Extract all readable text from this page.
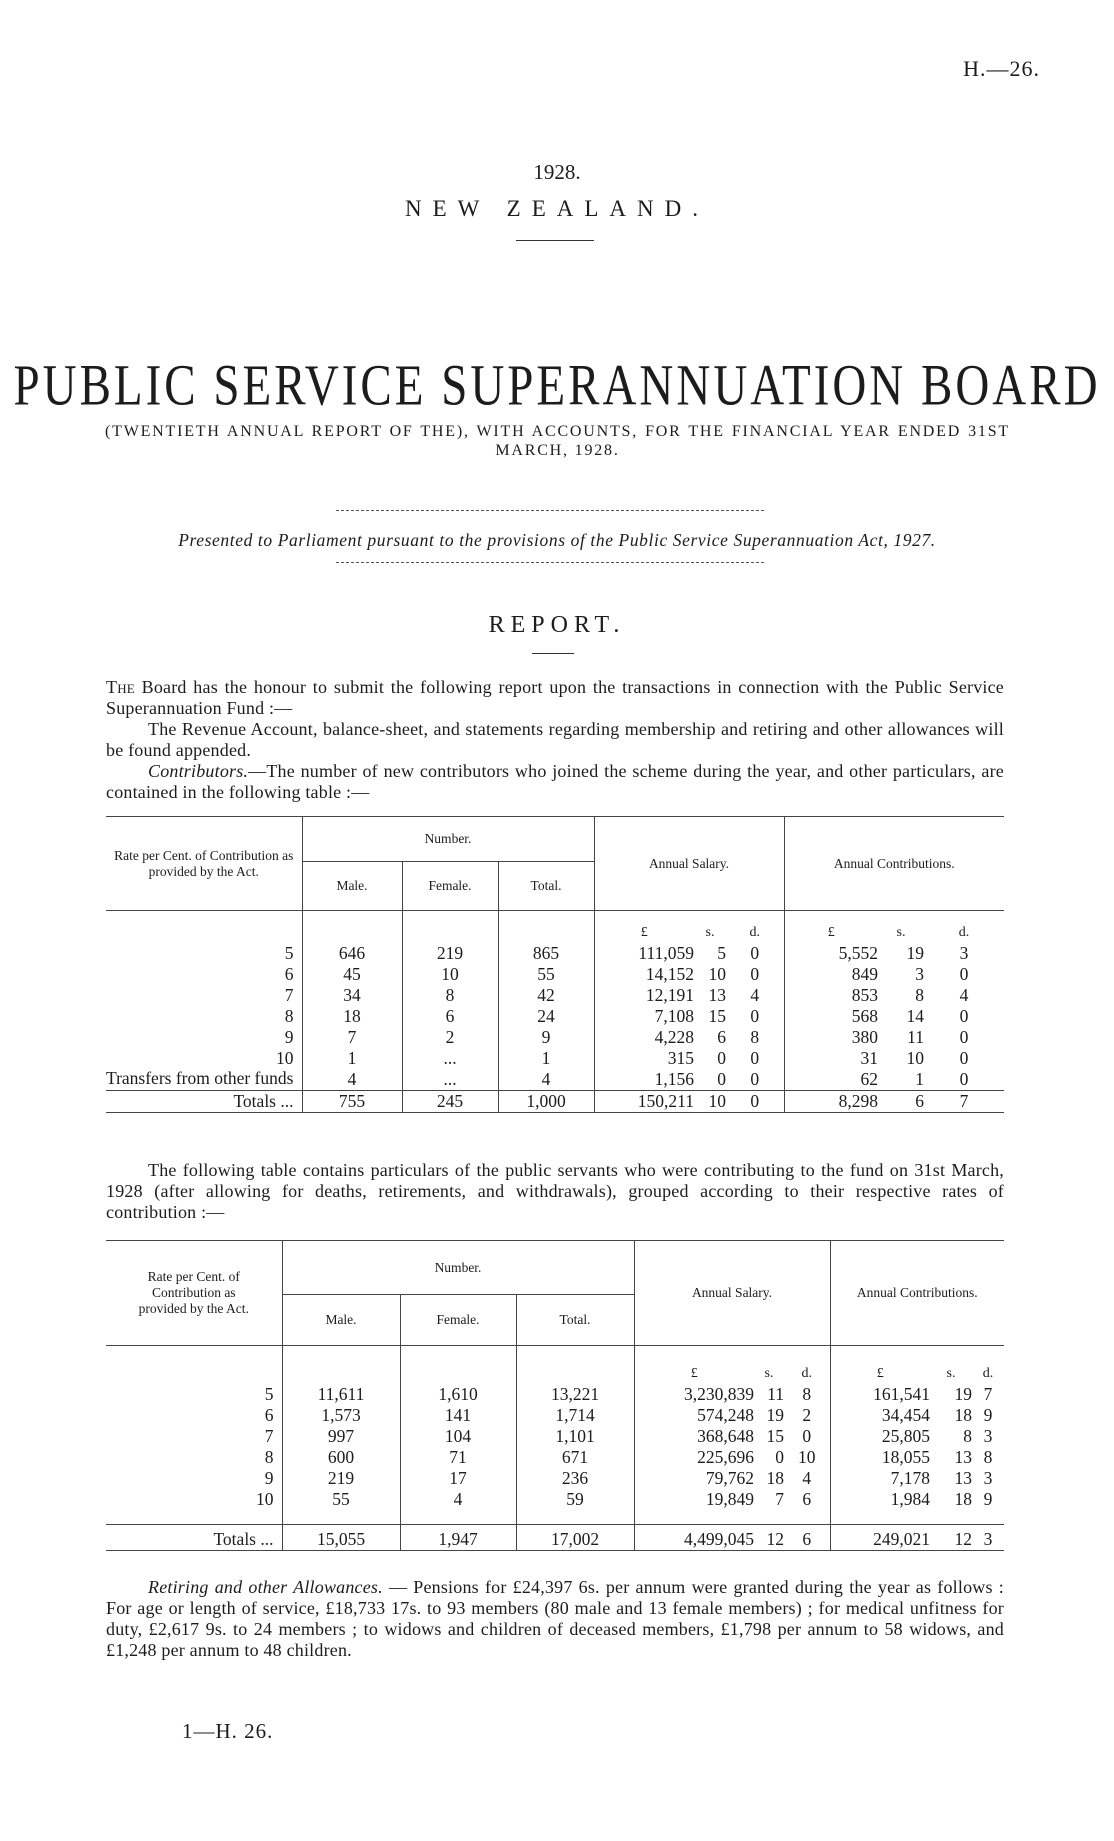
H.—26.
1928.
NEW ZEALAND.
PUBLIC SERVICE SUPERANNUATION BOARD
(TWENTIETH ANNUAL REPORT OF THE), WITH ACCOUNTS, FOR THE FINANCIAL YEAR ENDED 31ST MARCH, 1928.
Presented to Parliament pursuant to the provisions of the Public Service Superannuation Act, 1927.
REPORT.
The Board has the honour to submit the following report upon the transactions in connection with the Public Service Superannuation Fund :—
The Revenue Account, balance-sheet, and statements regarding membership and retiring and other allowances will be found appended.
Contributors.—The number of new contributors who joined the scheme during the year, and other particulars, are contained in the following table :—
Rate per Cent. of Contribution as provided by the Act.	Number.			Annual Salary.			Annual Contributions.		
	Male.	Female.	Total.						
				£	s.	d.	£	s.	d.
5	646	219	865	111,059	5	0	5,552	19	3
6	45	10	55	14,152	10	0	849	3	0
7	34	8	42	12,191	13	4	853	8	4
8	18	6	24	7,108	15	0	568	14	0
9	7	2	9	4,228	6	8	380	11	0
10	1	...	1	315	0	0	31	10	0
Transfers from other funds	4	...	4	1,156	0	0	62	1	0
Totals ...	755	245	1,000	150,211	10	0	8,298	6	7
The following table contains particulars of the public servants who were contributing to the fund on 31st March, 1928 (after allowing for deaths, retirements, and withdrawals), grouped according to their respective rates of contribution :—
Rate per Cent. of Contribution as provided by the Act.	Number.			Annual Salary.			Annual Contributions.		
	Male.	Female.	Total.						
				£	s.	d.	£	s.	d.
5	11,611	1,610	13,221	3,230,839	11	8	161,541	19	7
6	1,573	141	1,714	574,248	19	2	34,454	18	9
7	997	104	1,101	368,648	15	0	25,805	8	3
8	600	71	671	225,696	0	10	18,055	13	8
9	219	17	236	79,762	18	4	7,178	13	3
10	55	4	59	19,849	7	6	1,984	18	9

Totals ...	15,055	1,947	17,002	4,499,045	12	6	249,021	12	3
Retiring and other Allowances. — Pensions for £24,397 6s. per annum were granted during the year as follows : For age or length of service, £18,733 17s. to 93 members (80 male and 13 female members) ; for medical unfitness for duty, £2,617 9s. to 24 members ; to widows and children of deceased members, £1,798 per annum to 58 widows, and £1,248 per annum to 48 children.
1—H. 26.
